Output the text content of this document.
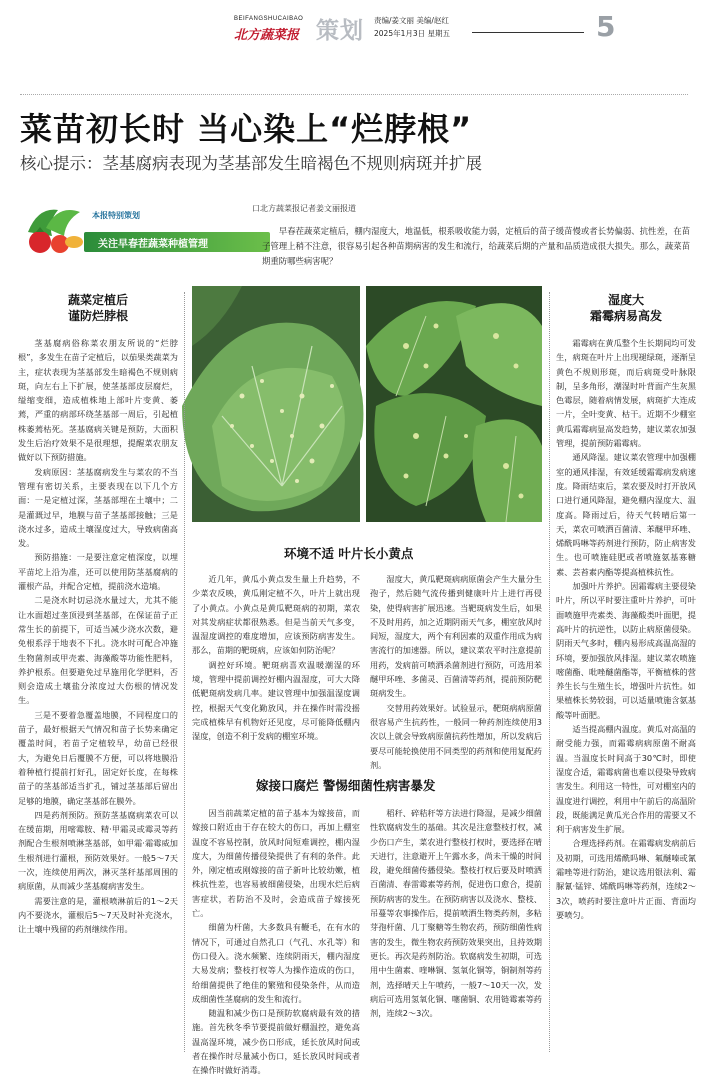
BEIFANGSHUCAIBAO
北方蔬菜报 策划 责编/姜文丽 美编/赵红
2025年1月3日 星期五	5
菜苗初长时 当心染上“烂脖根”
核心提示：茎基腐病表现为茎基部发生暗褐色不规则病斑并扩展
本报特别策划
关注早春茬蔬菜种植管理
口北方蔬菜报记者姜文丽报道

早春茬蔬菜定植后，棚内湿度大，地温低，根系吸收能力弱，定植后的苗子缓苗慢或者长势偏弱、抗性差，在苗子管理上稍不注意，很容易引起各种苗期病害的发生和流行，给蔬菜后期的产量和品质造成很大损失。那么，蔬菜苗期重防哪些病害呢？

蔬菜定植后
谨防烂脖根

茎基腐病俗称菜农朋友所说的“烂脖根”，多发生在苗子定植后，以茄果类蔬菜为主，症状表现为茎基部发生暗褐色不规则病斑，向左右上下扩展，使茎基部皮层腐烂，缢缩变细，造成植株地上部叶片变黄、萎蔫，严重的病部环绕茎基部一周后，引起植株萎蔫枯死。茎基腐病关键是预防，大面积发生后治疗效果不是很理想，提醒菜农朋友做好以下预防措施。

发病原因：茎基腐病发生与菜农的不当管理有密切关系，主要表现在以下几个方面：一是定植过深，茎基部埋在土壤中；二是灌溉过早，地膜与苗子茎基部接触；三是浇水过多，造成土壤湿度过大，导致病菌高发。

预防措施：一是要注意定植深度，以埋平苗坨上沿为准，还可以使用防茎基腐病的灌根产品，并配合定植，提前浇水造墒。

二是浇水时切忌浇水量过大，尤其不能让水面超过垄顶浸到茎基部，在保证苗子正常生长的前提下，可适当减少浇水次数，避免根系浮于地表不下扎。浇水时可配合冲施生物菌剂或甲壳素、海藻酸等功能性肥料，养护根系。但要避免过早施用化学肥料，否则会造成土壤盐分浓度过大伤根的情况发生。

三是不要着急覆盖地膜，不同程度口的苗子，最好根据天气情况和苗子长势来确定覆盖时间，若苗子定植较早，幼苗已经很大，为避免日后覆膜不方便，可以将地膜沿着种植行提前打好孔，固定好长度，在每株苗子的茎基部适当扩孔，铺过茎基部后留出足够的地膜，确定茎基部在膜外。

四是药剂预防。预防茎基腐病菜农可以在缓苗期，用嘧霉胺、精·甲霜灵或霉灵等药剂配合生根剂喷淋茎基部，如甲霜·霜霉威加生根剂进行灌根，预防效果好。一般5～7天一次，连续使用两次，淋灭茎秆基部周围的病原菌，从而减少茎基腐病害发生。

需要注意的是，灌根喷淋前后的1～2天内不要浇水，灌根后5～7天及时补充浇水，让土壤中残留的药剂继续作用。

环境不适 叶片长小黄点

近几年，黄瓜小黄点发生量上升趋势，不少菜农反映，黄瓜刚定植不久，叶片上就出现了小黄点。小黄点是黄瓜靶斑病的初期，菜农对其发病症状都很熟悉。但是当前天气多变，温湿度调控的难度增加，应该预防病害发生。那么，苗期的靶斑病，应该如何防治呢？

调控好环境。靶斑病喜欢温暖潮湿的环境，管理中提前调控好棚内温湿度，可大大降低靶斑病发病几率。建议管理中加强温湿度调控，根据天气变化勤放风，并在操作时需没摇完成植株早有机物好还见度，尽可能降低棚内湿度，创造不利于发病的棚室环境。

湿度大，黄瓜靶斑病病原菌会产生大量分生孢子，然后随气流传播到健康叶片上进行再侵染，使得病害扩展迅速。当靶斑病发生后，如果不及时用药，加之近期阴雨天气多，棚室放风时间短，湿度大，两个有利因素的双重作用成为病害流行的加速器。所以，建议菜农平时注意提前用药，发病前可喷洒杀菌剂进行预防，可选用苯醚甲环唑、多菌灵、百菌清等药剂，提前预防靶斑病发生。

交替用药效果好。试验显示，靶斑病病原菌很容易产生抗药性，一般同一种药剂连续使用3次以上就会导致病原菌抗药性增加，所以发病后要尽可能轮换使用不同类型的药剂和使用复配药剂。

嫁接口腐烂 警惕细菌性病害暴发

因当前蔬菜定植的苗子基本为嫁接苗，而嫁接口附近由于存在较大的伤口，再加上棚室温度不容易控制，放风时间短难调控，棚内湿度大，为细菌传播侵染提供了有利的条件。此外，刚定植或刚嫁接的苗子新叶比较幼嫩，植株抗性差，也容易被细菌侵染，出现水烂后病害症状，若防治不及时，会造成苗子嫁接死亡。

细菌为杆菌，大多数具有鞭毛，在有水的情况下，可通过自然孔口（气孔、水孔等）和伤口侵入。浇水频繁、连续阴雨天，棚内湿度大易发病；整枝打杈等人为操作造成的伤口，给细菌提供了绝佳的繁殖和侵染条件，从而造成细菌性茎腐病的发生和流行。

随温和减少伤口是预防软腐病最有效的措施。首先秋冬季节要提前做好棚温控，避免高温高湿环境，减少伤口形成，延长放风时间或者在操作时尽量减小伤口，延长放风时间或者在操作时做好消毒。

稻秆、碎秸秆等方法进行降湿，是减少细菌性软腐病发生的基础。其次是注意整枝打杈，减少伤口产生，菜农进行整枝打杈时，要选择在晴天进行，注意避开上午露水多，尚未干燥的时间段，避免细菌传播侵染。整枝打杈后要及时喷洒百菌清、春雷霉素等药剂，促进伤口愈合，提前预防病害的发生。在预防病害以及浇水、整枝、吊蔓等农事操作后，提前喷洒生物类药剂，多粘芽孢杆菌、几丁聚糖等生物农药，预防细菌性病害的发生，微生物农药预防效果突出，且持效期更长。再次是药剂防治。软腐病发生初期，可选用中生菌素、喹啉铜、氢氧化铜等，铜制剂等药剂，选择晴天上午喷药，一般7～10天一次，发病后可选用氢氧化铜、噻菌铜、农用链霉素等药剂，连续2～3次。

湿度大
霜霉病易高发

霜霉病在黄瓜整个生长期间均可发生，病斑在叶片上出现褪绿斑，逐渐呈黄色不规则形斑，而后病斑受叶脉限制，呈多角形，潮湿时叶背面产生灰黑色霉层，随着病情发展，病斑扩大连成一片，全叶变黄、枯干。近期不少棚室黄瓜霜霉病显高发趋势，建议菜农加强管理，提前预防霜霉病。

通风降湿。建议菜农管理中加强棚室的通风排湿，有效延缓霜霉病发病速度。降雨结束后，菜农要及时打开放风口进行通风降湿，避免棚内湿度大、温度高。降雨过后，待天气转晴后第一天，菜农可喷洒百菌清、苯醚甲环唑、烯酰吗啉等药剂进行预防，防止病害发生。也可喷施硅肥或者喷施氨基寡糖素、芸苔素内酯等提高植株抗性。

加强叶片养护。因霜霉病主要侵染叶片，所以平时要注重叶片养护，可叶面喷施甲壳素类、海藻酸类叶面肥，提高叶片的抗逆性，以防止病原菌侵染。阴雨天气多时，棚内易形成高温高湿的环境，要加强放风排湿。建议菜农喷施嘧菌酯、吡唑醚菌酯等，平衡植株的营养生长与生殖生长，增强叶片抗性。如果植株长势较弱，可以适量喷施含氨基酸等叶面肥。

适当提高棚内温度。黄瓜对高温的耐受能力强，而霜霉病病原菌不耐高温。当温度长时间高于30℃时，即使湿度合适，霜霉病菌也难以侵染导致病害发生。利用这一特性，可对棚室内的温度进行调控，利用中午前后的高温阶段，既能满足黄瓜光合作用的需要又不利于病害发生扩展。

合理选择药剂。在霜霉病发病前后及初期，可选用烯酰吗啉、氟醚嗪或氰霜唑等进行防治，建议选用银法利、霜脲氰·锰锌、烯酰吗啉等药剂，连续2～3次，喷药时要注意叶片正面、背面均要喷匀。
